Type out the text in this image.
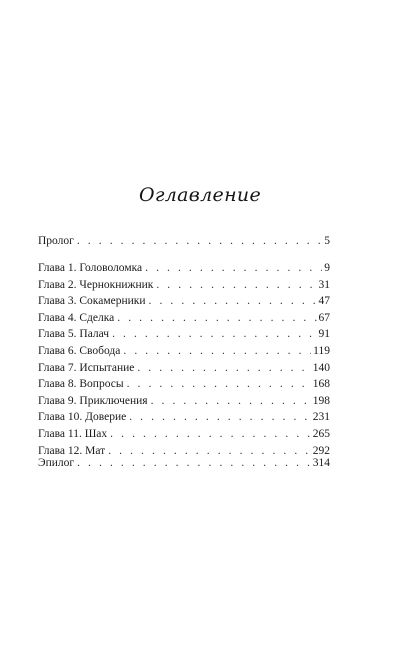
Оглавление
Пролог . . .	5
Глава 1. Головоломка . . .	9
Глава 2. Чернокнижник . . .	31
Глава 3. Сокамерники . . .	47
Глава 4. Сделка . . .	67
Глава 5. Палач . . .	91
Глава 6. Свобода . . .	119
Глава 7. Испытание . . .	140
Глава 8. Вопросы . . .	168
Глава 9. Приключения . . .	198
Глава 10. Доверие . . .	231
Глава 11. Шах . . .	265
Глава 12. Мат . . .	292
Эпилог . . .	314
